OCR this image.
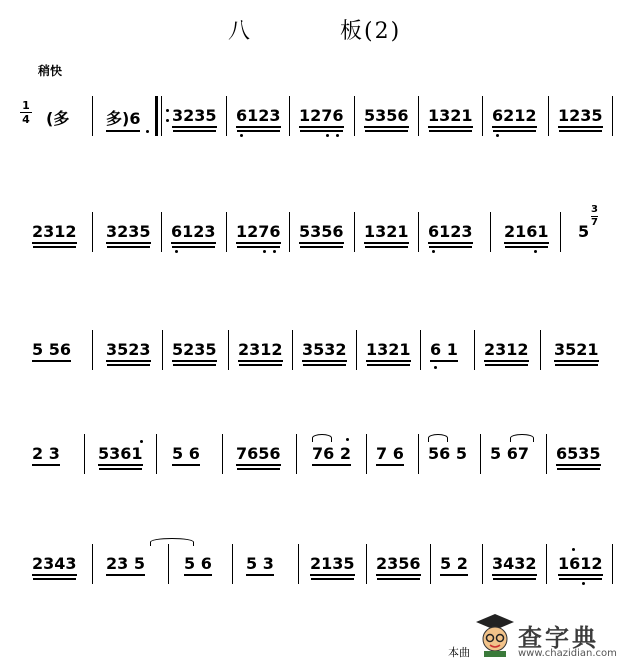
八	板(2)
稍快
1
4 (多 多)6 3235 6123 1276 5356 1321 6212 1235
2312 3235 6123 1276 5356 1321 6123 2161 5
3
7
5 56 3523 5235 2312 3532 1321 6 1 2312 3521
2 3 5361 5 6 7656 76 2 7 6 56 5 5 67 6535
2343 23 5 5 6 5 3 2135 2356 5 2 3432 1612
本曲
查字典
www.chazidian.com
